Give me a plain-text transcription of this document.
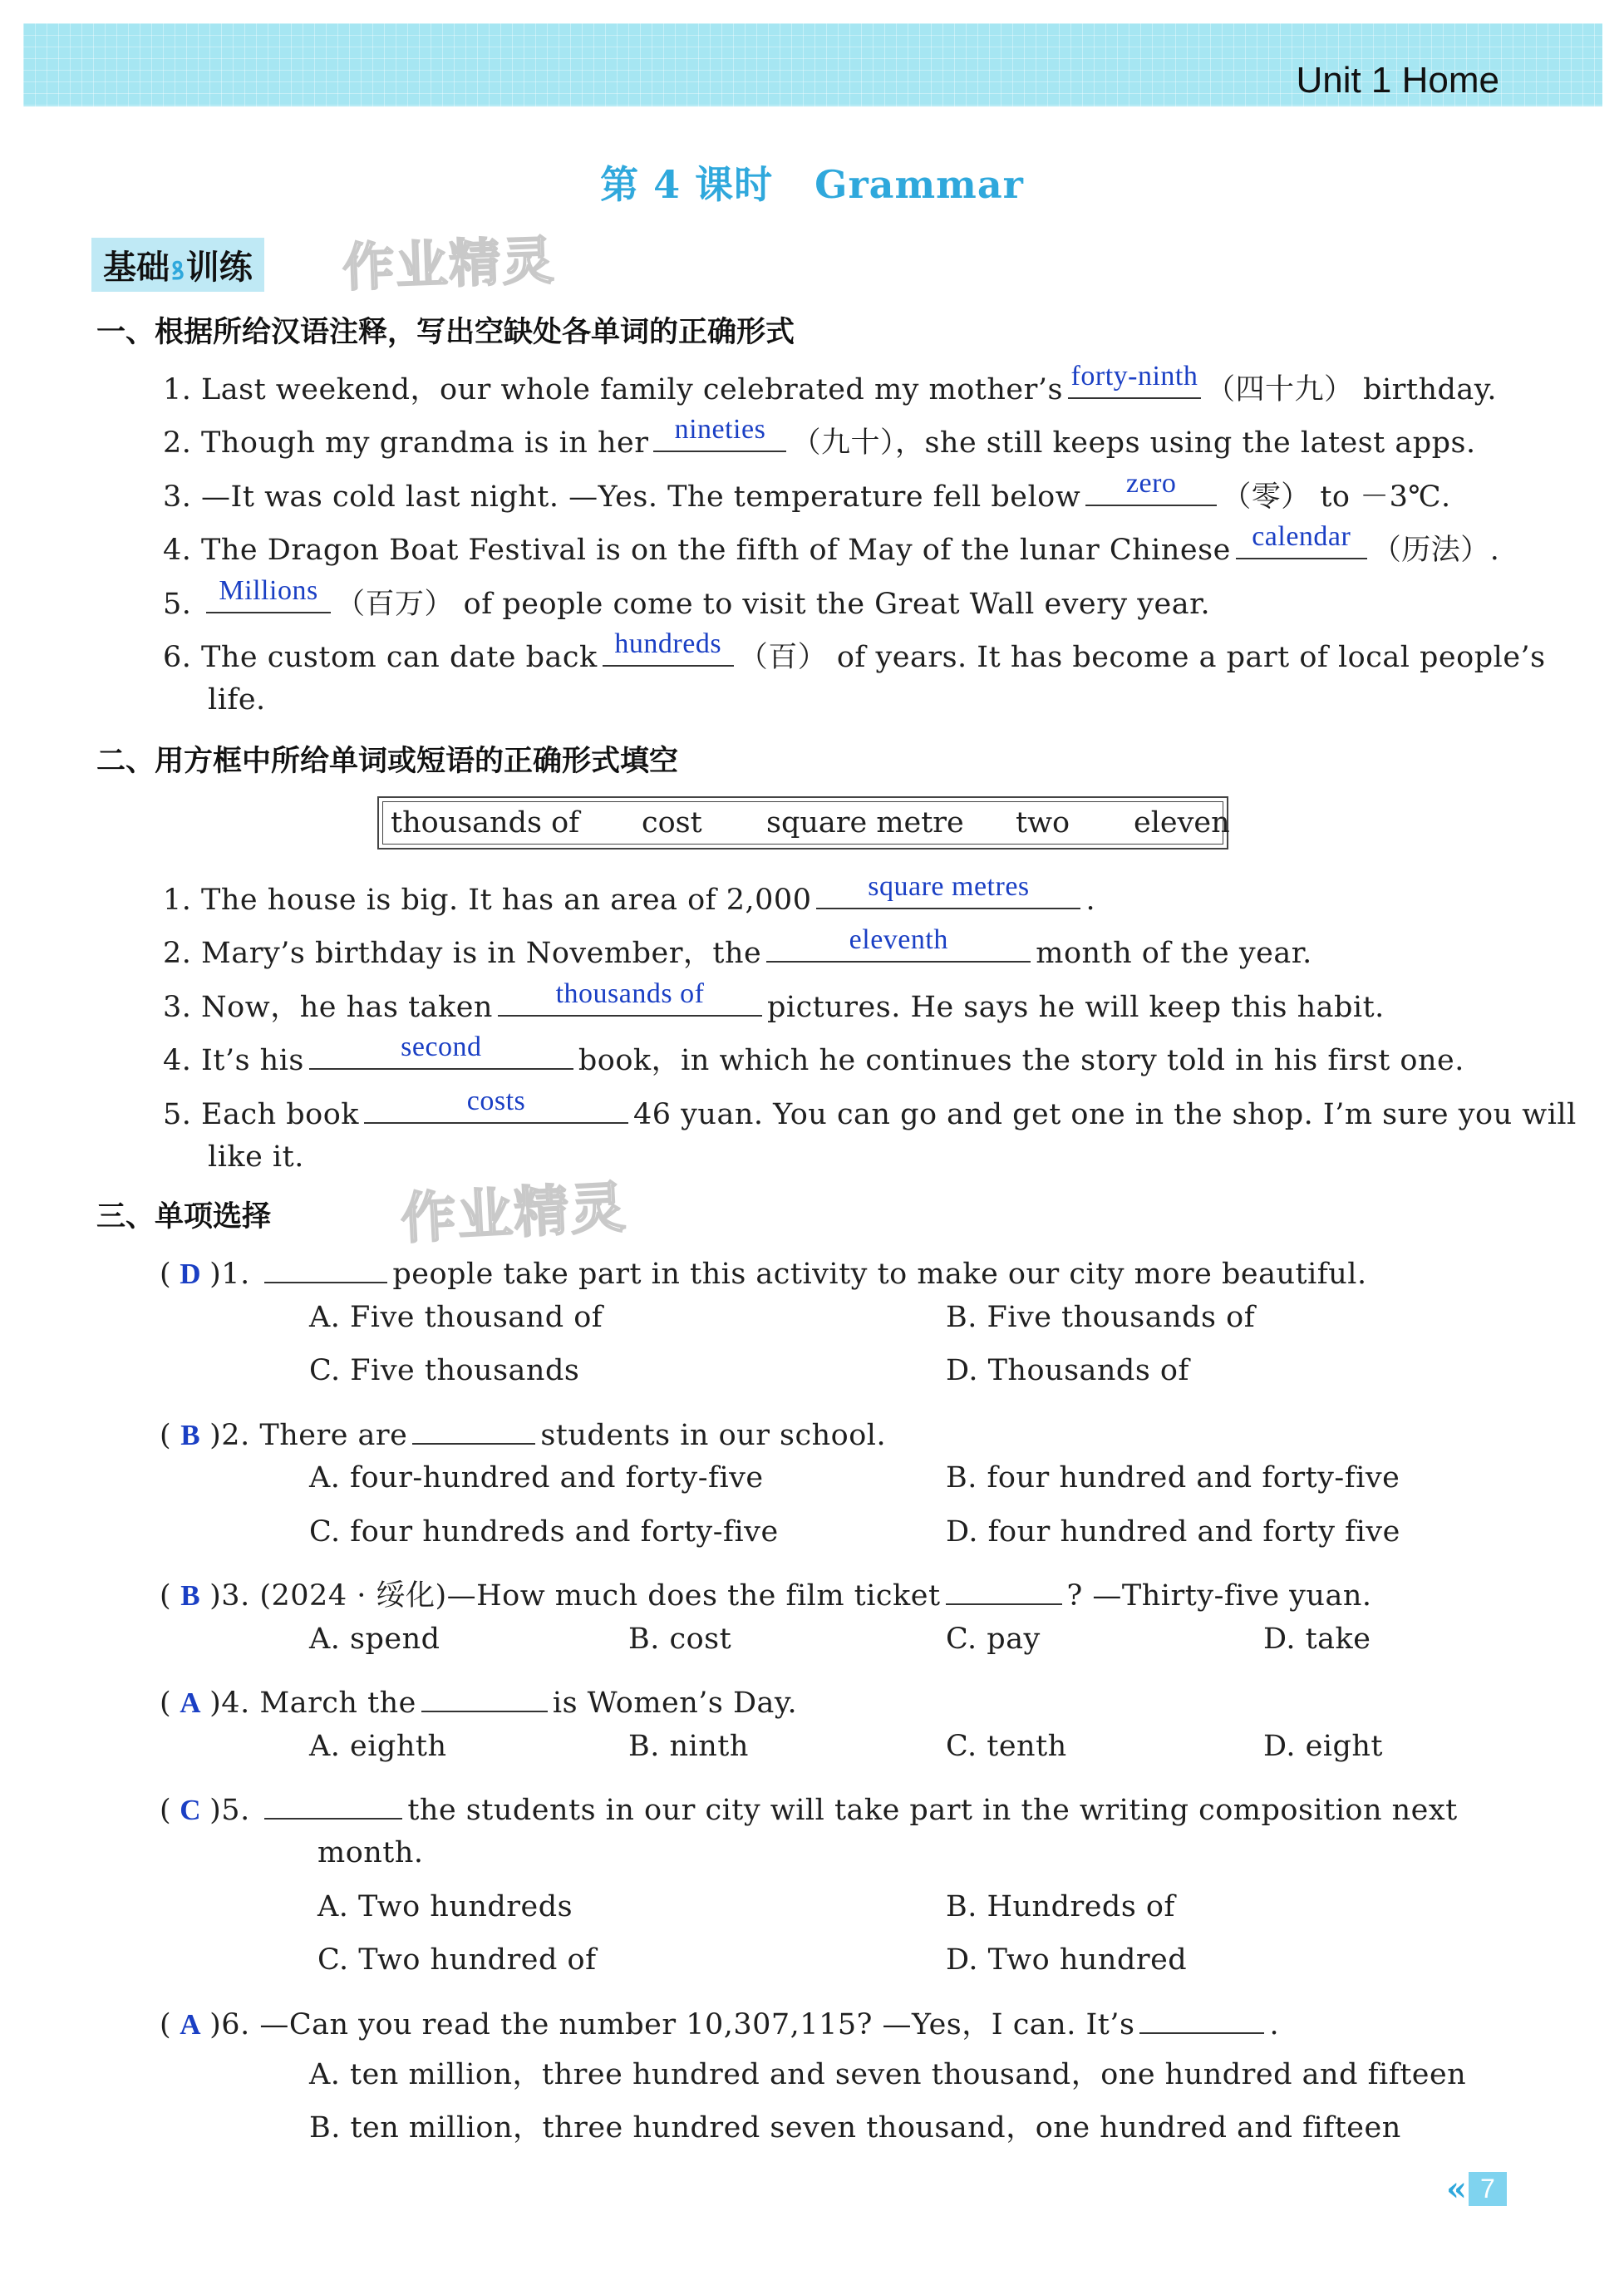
Unit 1 Home
第 4 课时 Grammar
基础ꝸ训练 作业精灵
作业精灵
一、根据所给汉语注释，写出空缺处各单词的正确形式
1. Last weekend，our whole family celebrated my mother’s forty-ninth （四十九） birthday.
2. Though my grandma is in her nineties （九十），she still keeps using the latest apps.
3. —It was cold last night. —Yes. The temperature fell below	zero	（零） to －3℃.
4. The Dragon Boat Festival is on the fifth of May of the lunar Chinese calendar （历法）.
5. Millions （百万） of people come to visit the Great Wall every year.
6. The custom can date back hundreds （百） of years. It has become a part of local people’s
life.
二、用方框中所给单词或短语的正确形式填空
thousands of cost square metre two eleven
1. The house is big. It has an area of 2,000	square metres	.
2. Mary’s birthday is in November，the	eleventh	month of the year.
3. Now，he has taken	thousands of	pictures. He says he will keep this habit.
4. It’s his	second	book，in which he continues the story told in his first one.
5. Each book	costs	46 yuan. You can go and get one in the shop. I’m sure you will
like it.
三、单项选择
( D )1.	people take part in this activity to make our city more beautiful.
A. Five thousand of	B. Five thousands of
C. Five thousands	D. Thousands of
( B )2. There are	students in our school.
A. four-hundred and forty-five	B. four hundred and forty-five
C. four hundreds and forty-five	D. four hundred and forty five
( B )3. (2024 · 绥化)—How much does the film ticket	? —Thirty-five yuan.
A. spend	B. cost	C. pay	D. take
( A )4. March the	is Women’s Day.
A. eighth	B. ninth	C. tenth	D. eight
( C )5.	the students in our city will take part in the writing composition next
month.
A. Two hundreds	B. Hundreds of
C. Two hundred of	D. Two hundred
( A )6. —Can you read the number 10,307,115? —Yes，I can. It’s	.
A. ten million，three hundred and seven thousand，one hundred and fifteen
B. ten million，three hundred seven thousand，one hundred and fifteen
« 7
